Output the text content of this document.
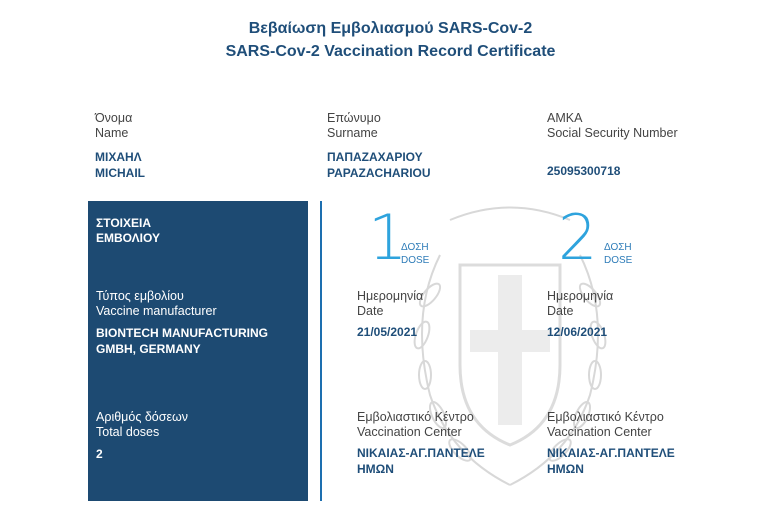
Βεβαίωση Εμβολιασμού SARS-Cov-2
SARS-Cov-2 Vaccination Record Certificate
Όνομα
Name
ΜΙΧΑΗΛ
MICHAIL
Επώνυμο
Surname
ΠΑΠΑΖΑΧΑΡΙΟΥ
PAPAZACHARIOU
ΑΜΚΑ
Social Security Number
25095300718
ΣΤΟΙΧΕΙΑ
ΕΜΒΟΛΙΟΥ
Τύπος εμβολίου
Vaccine manufacturer
BIONTECH MANUFACTURING
GMBH, GERMANY
Αριθμός δόσεων
Total doses
2
1
ΔΟΣΗ
DOSE
Ημερομηνία
Date
21/05/2021
Εμβολιαστικό Κέντρο
Vaccination Center
ΝΙΚΑΙΑΣ-ΑΓ.ΠΑΝΤΕΛΕ
ΗΜΩΝ
2 ΔΟΣΗ
DOSE
Ημερομηνία
Date
12/06/2021
Εμβολιαστικό Κέντρο
Vaccination Center
ΝΙΚΑΙΑΣ-ΑΓ.ΠΑΝΤΕΛΕ
ΗΜΩΝ
